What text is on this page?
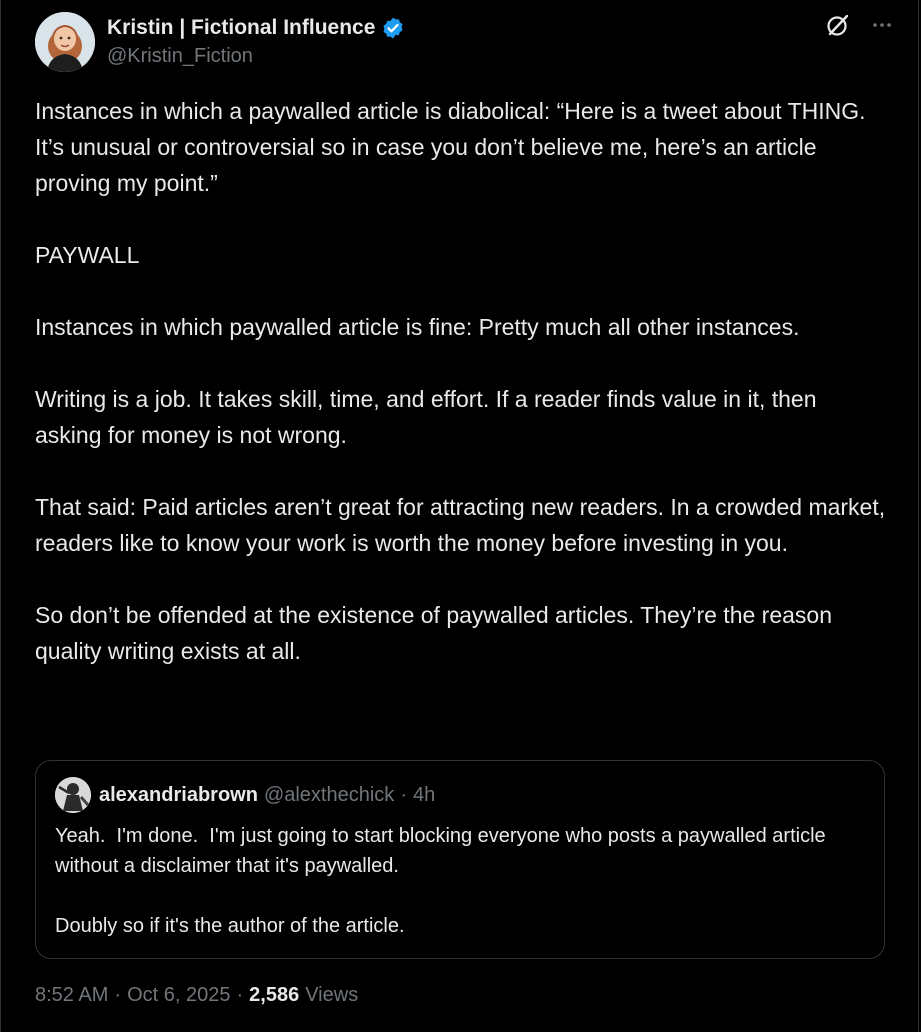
Kristin | Fictional Influence
@Kristin_Fiction

Instances in which a paywalled article is diabolical: “Here is a tweet about THING. It’s unusual or controversial so in case you don’t believe me, here’s an article proving my point.”

PAYWALL

Instances in which paywalled article is fine: Pretty much all other instances.

Writing is a job. It takes skill, time, and effort. If a reader finds value in it, then asking for money is not wrong.

That said: Paid articles aren’t great for attracting new readers. In a crowded market, readers like to know your work is worth the money before investing in you.

So don’t be offended at the existence of paywalled articles. They’re the reason quality writing exists at all.

alexandriabrown @alexthechick · 4h

Yeah.  I'm done.  I'm just going to start blocking everyone who posts a paywalled article without a disclaimer that it's paywalled.

Doubly so if it's the author of the article.

8:52 AM · Oct 6, 2025 · 2,586 Views
